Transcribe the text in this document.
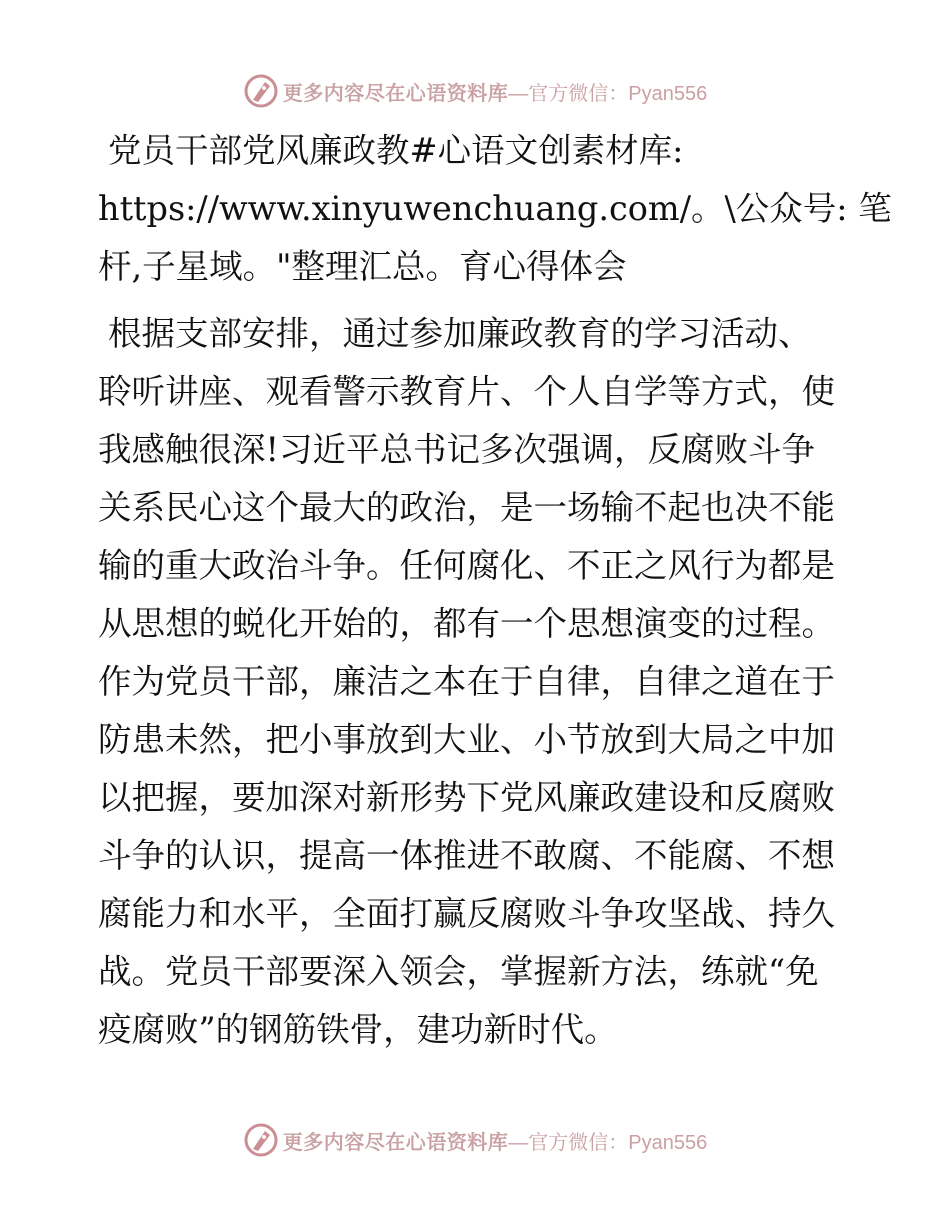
更多内容尽在心语资料库 —官方微信：Pyan556
党员干部党风廉政教#心语文创素材库:
https://www.xinyuwenchuang.com/。\公众号: 笔
杆,子星域。"整理汇总。育心得体会

根据支部安排，通过参加廉政教育的学习活动、
聆听讲座、观看警示教育片、个人自学等方式，使
我感触很深!习近平总书记多次强调，反腐败斗争
关系民心这个最大的政治，是一场输不起也决不能
输的重大政治斗争。任何腐化、不正之风行为都是
从思想的蜕化开始的，都有一个思想演变的过程。
作为党员干部，廉洁之本在于自律，自律之道在于
防患未然，把小事放到大业、小节放到大局之中加
以把握，要加深对新形势下党风廉政建设和反腐败
斗争的认识，提高一体推进不敢腐、不能腐、不想
腐能力和水平，全面打赢反腐败斗争攻坚战、持久
战。党员干部要深入领会，掌握新方法，练就“免
疫腐败”的钢筋铁骨，建功新时代。

更多内容尽在心语资料库 —官方微信：Pyan556
